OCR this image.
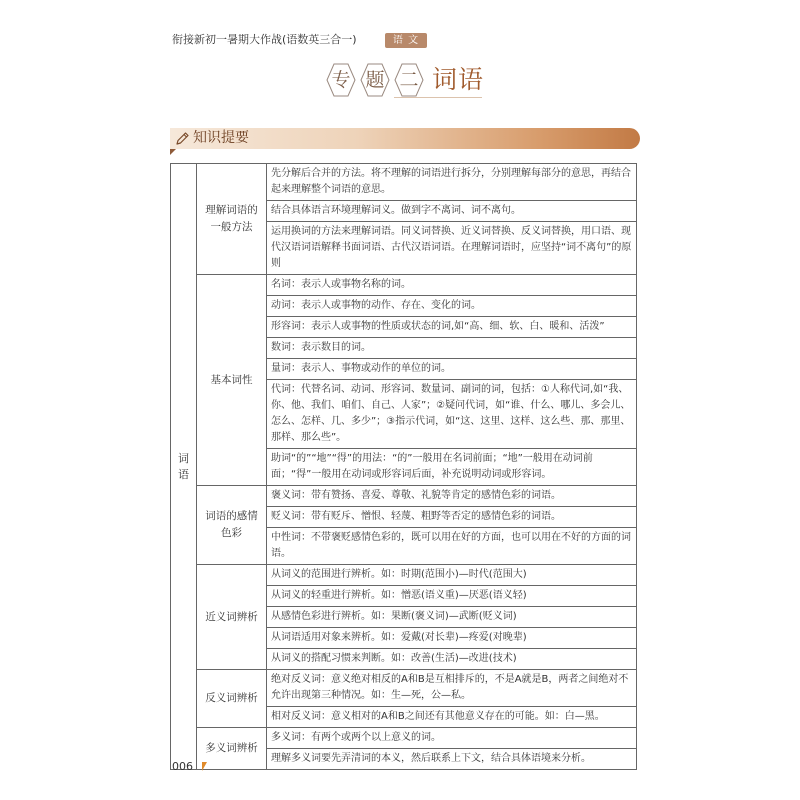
衔接新初一暑期大作战(语数英三合一)	语 文
专 题 二 词语
知识提要
词语	理解词语的一般方法	先分解后合并的方法。将不理解的词语进行拆分，分别理解每部分的意思，再结合起来理解整个词语的意思。
		结合具体语言环境理解词义。做到字不离词、词不离句。
		运用换词的方法来理解词语。同义词替换、近义词替换、反义词替换，用口语、现代汉语词语解释书面词语、古代汉语词语。在理解词语时，应坚持“词不离句”的原则
	基本词性	名词：表示人或事物名称的词。
		动词：表示人或事物的动作、存在、变化的词。
		形容词：表示人或事物的性质或状态的词,如“高、细、软、白、暖和、活泼”
		数词：表示数目的词。
		量词：表示人、事物或动作的单位的词。
		代词：代替名词、动词、形容词、数量词、副词的词，包括：①人称代词,如“我、你、他、我们、咱们、自己、人家”；②疑问代词，如“谁、什么、哪儿、多会儿、怎么、怎样、几、多少”；③指示代词，如“这、这里、这样、这么些、那、那里、那样、那么些”。
		助词“的”“地”“得”的用法：“的”一般用在名词前面；“地”一般用在动词前面；“得”一般用在动词或形容词后面，补充说明动词或形容词。
	词语的感情色彩	褒义词：带有赞扬、喜爱、尊敬、礼貌等肯定的感情色彩的词语。
		贬义词：带有贬斥、憎恨、轻蔑、粗野等否定的感情色彩的词语。
		中性词：不带褒贬感情色彩的，既可以用在好的方面，也可以用在不好的方面的词语。
	近义词辨析	从词义的范围进行辨析。如：时期(范围小)—时代(范围大)
		从词义的轻重进行辨析。如：憎恶(语义重)—厌恶(语义轻)
		从感情色彩进行辨析。如：果断(褒义词)—武断(贬义词)
		从词语适用对象来辨析。如：爱戴(对长辈)—疼爱(对晚辈)
		从词义的搭配习惯来判断。如：改善(生活)—改进(技术)
	反义词辨析	绝对反义词：意义绝对相反的A和B是互相排斥的，不是A就是B，两者之间绝对不允许出现第三种情况。如：生—死，公—私。
		相对反义词：意义相对的A和B之间还有其他意义存在的可能。如：白—黑。
	多义词辨析	多义词：有两个或两个以上意义的词。
		理解多义词要先弄清词的本义，然后联系上下文，结合具体语境来分析。
006
